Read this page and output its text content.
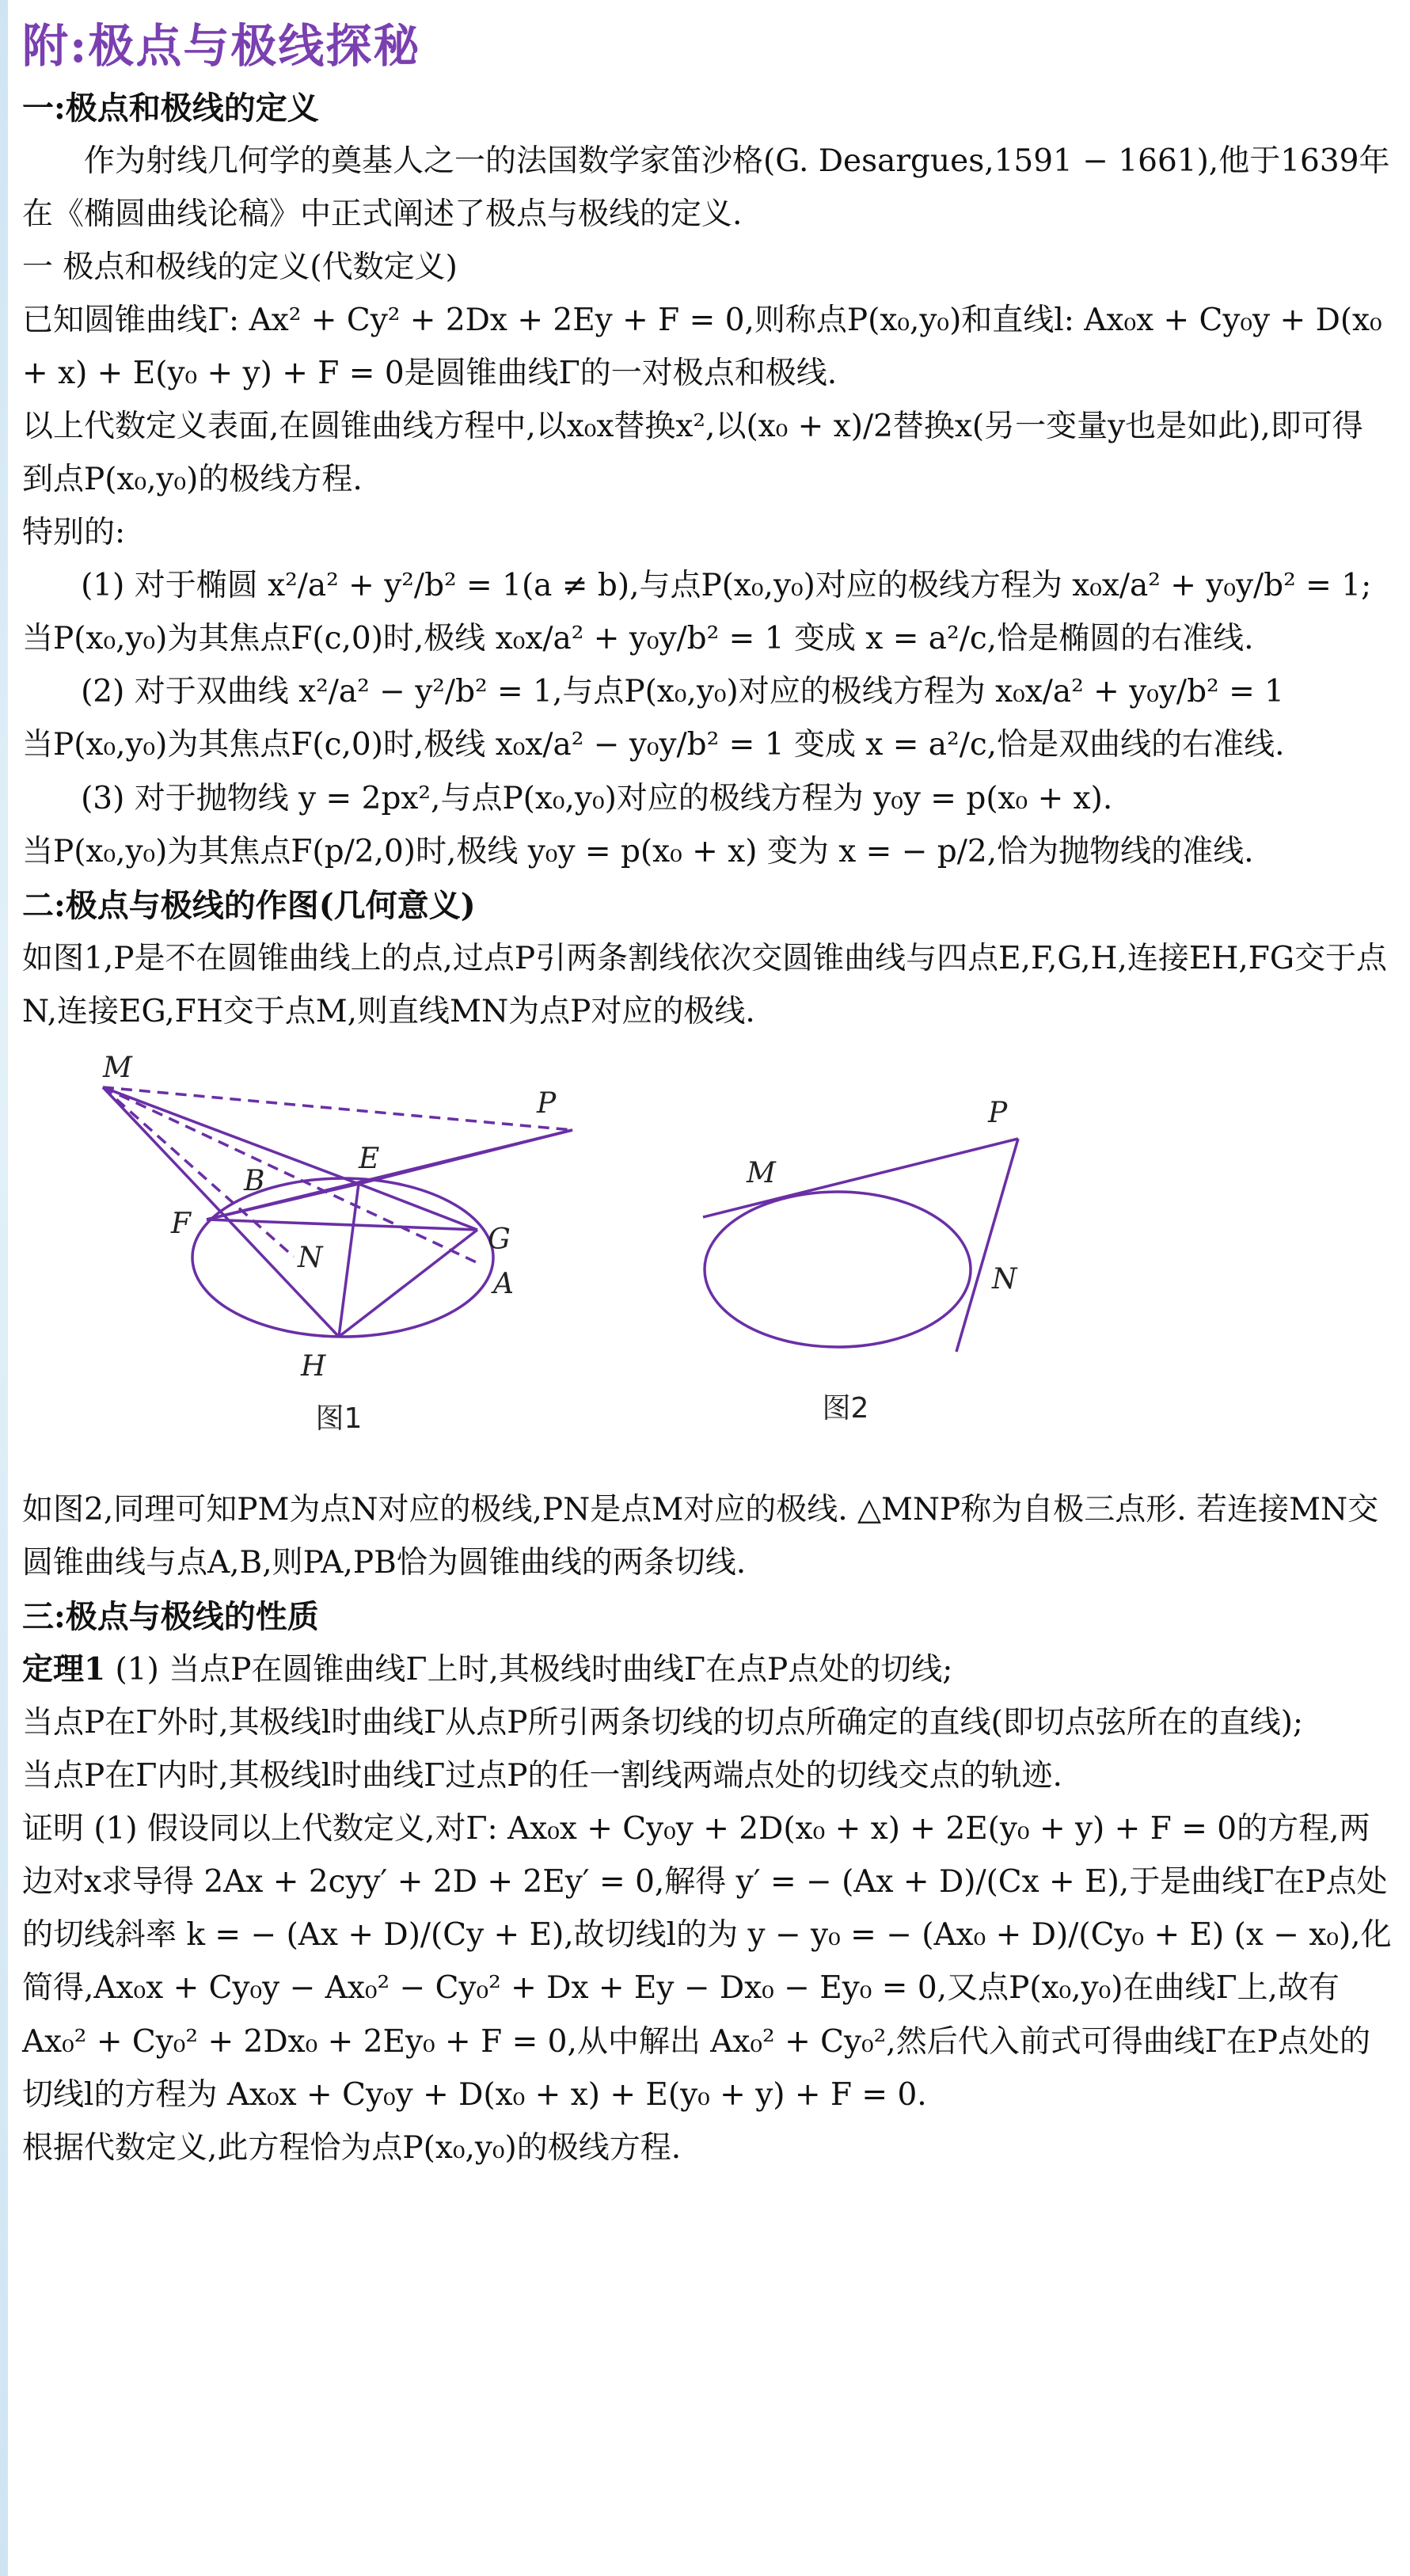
附:极点与极线探秘
一:极点和极线的定义

作为射线几何学的奠基人之一的法国数学家笛沙格(G. Desargues,1591 − 1661),他于1639年在《椭圆曲线论稿》中正式阐述了极点与极线的定义.

一 极点和极线的定义(代数定义)

已知圆锥曲线Γ: Ax² + Cy² + 2Dx + 2Ey + F = 0,则称点P(x₀,y₀)和直线l: Ax₀x + Cy₀y + D(x₀ + x) + E(y₀ + y) + F = 0是圆锥曲线Γ的一对极点和极线.

以上代数定义表面,在圆锥曲线方程中,以x₀x替换x²,以(x₀ + x)/2替换x(另一变量y也是如此),即可得到点P(x₀,y₀)的极线方程.

特别的:

(1) 对于椭圆 x²/a² + y²/b² = 1(a ≠ b),与点P(x₀,y₀)对应的极线方程为 x₀x/a² + y₀y/b² = 1;

当P(x₀,y₀)为其焦点F(c,0)时,极线 x₀x/a² + y₀y/b² = 1 变成 x = a²/c,恰是椭圆的右准线.

(2) 对于双曲线 x²/a² − y²/b² = 1,与点P(x₀,y₀)对应的极线方程为 x₀x/a² + y₀y/b² = 1

当P(x₀,y₀)为其焦点F(c,0)时,极线 x₀x/a² − y₀y/b² = 1 变成 x = a²/c,恰是双曲线的右准线.

(3) 对于抛物线 y = 2px²,与点P(x₀,y₀)对应的极线方程为 y₀y = p(x₀ + x).

当P(x₀,y₀)为其焦点F(p/2,0)时,极线 y₀y = p(x₀ + x) 变为 x = − p/2,恰为抛物线的准线.

二:极点与极线的作图(几何意义)

如图1,P是不在圆锥曲线上的点,过点P引两条割线依次交圆锥曲线与四点E,F,G,H,连接EH,FG交于点N,连接EG,FH交于点M,则直线MN为点P对应的极线.

M
P
E
B
F
N
G
A
H
图1
P
M
N
图2

如图2,同理可知PM为点N对应的极线,PN是点M对应的极线. △MNP称为自极三点形. 若连接MN交圆锥曲线与点A,B,则PA,PB恰为圆锥曲线的两条切线.

三:极点与极线的性质

定理1 (1) 当点P在圆锥曲线Γ上时,其极线时曲线Γ在点P点处的切线;

当点P在Γ外时,其极线l时曲线Γ从点P所引两条切线的切点所确定的直线(即切点弦所在的直线);

当点P在Γ内时,其极线l时曲线Γ过点P的任一割线两端点处的切线交点的轨迹.

证明 (1) 假设同以上代数定义,对Γ: Ax₀x + Cy₀y + 2D(x₀ + x) + 2E(y₀ + y) + F = 0的方程,两边对x求导得 2Ax + 2cyy′ + 2D + 2Ey′ = 0,解得 y′ = − (Ax + D)/(Cx + E),于是曲线Γ在P点处的切线斜率 k = − (Ax + D)/(Cy + E),故切线l的为 y − y₀ = − (Ax₀ + D)/(Cy₀ + E) (x − x₀),化简得,Ax₀x + Cy₀y − Ax₀² − Cy₀² + Dx + Ey − Dx₀ − Ey₀ = 0,又点P(x₀,y₀)在曲线Γ上,故有 Ax₀² + Cy₀² + 2Dx₀ + 2Ey₀ + F = 0,从中解出 Ax₀² + Cy₀²,然后代入前式可得曲线Γ在P点处的切线l的方程为 Ax₀x + Cy₀y + D(x₀ + x) + E(y₀ + y) + F = 0.

根据代数定义,此方程恰为点P(x₀,y₀)的极线方程.
